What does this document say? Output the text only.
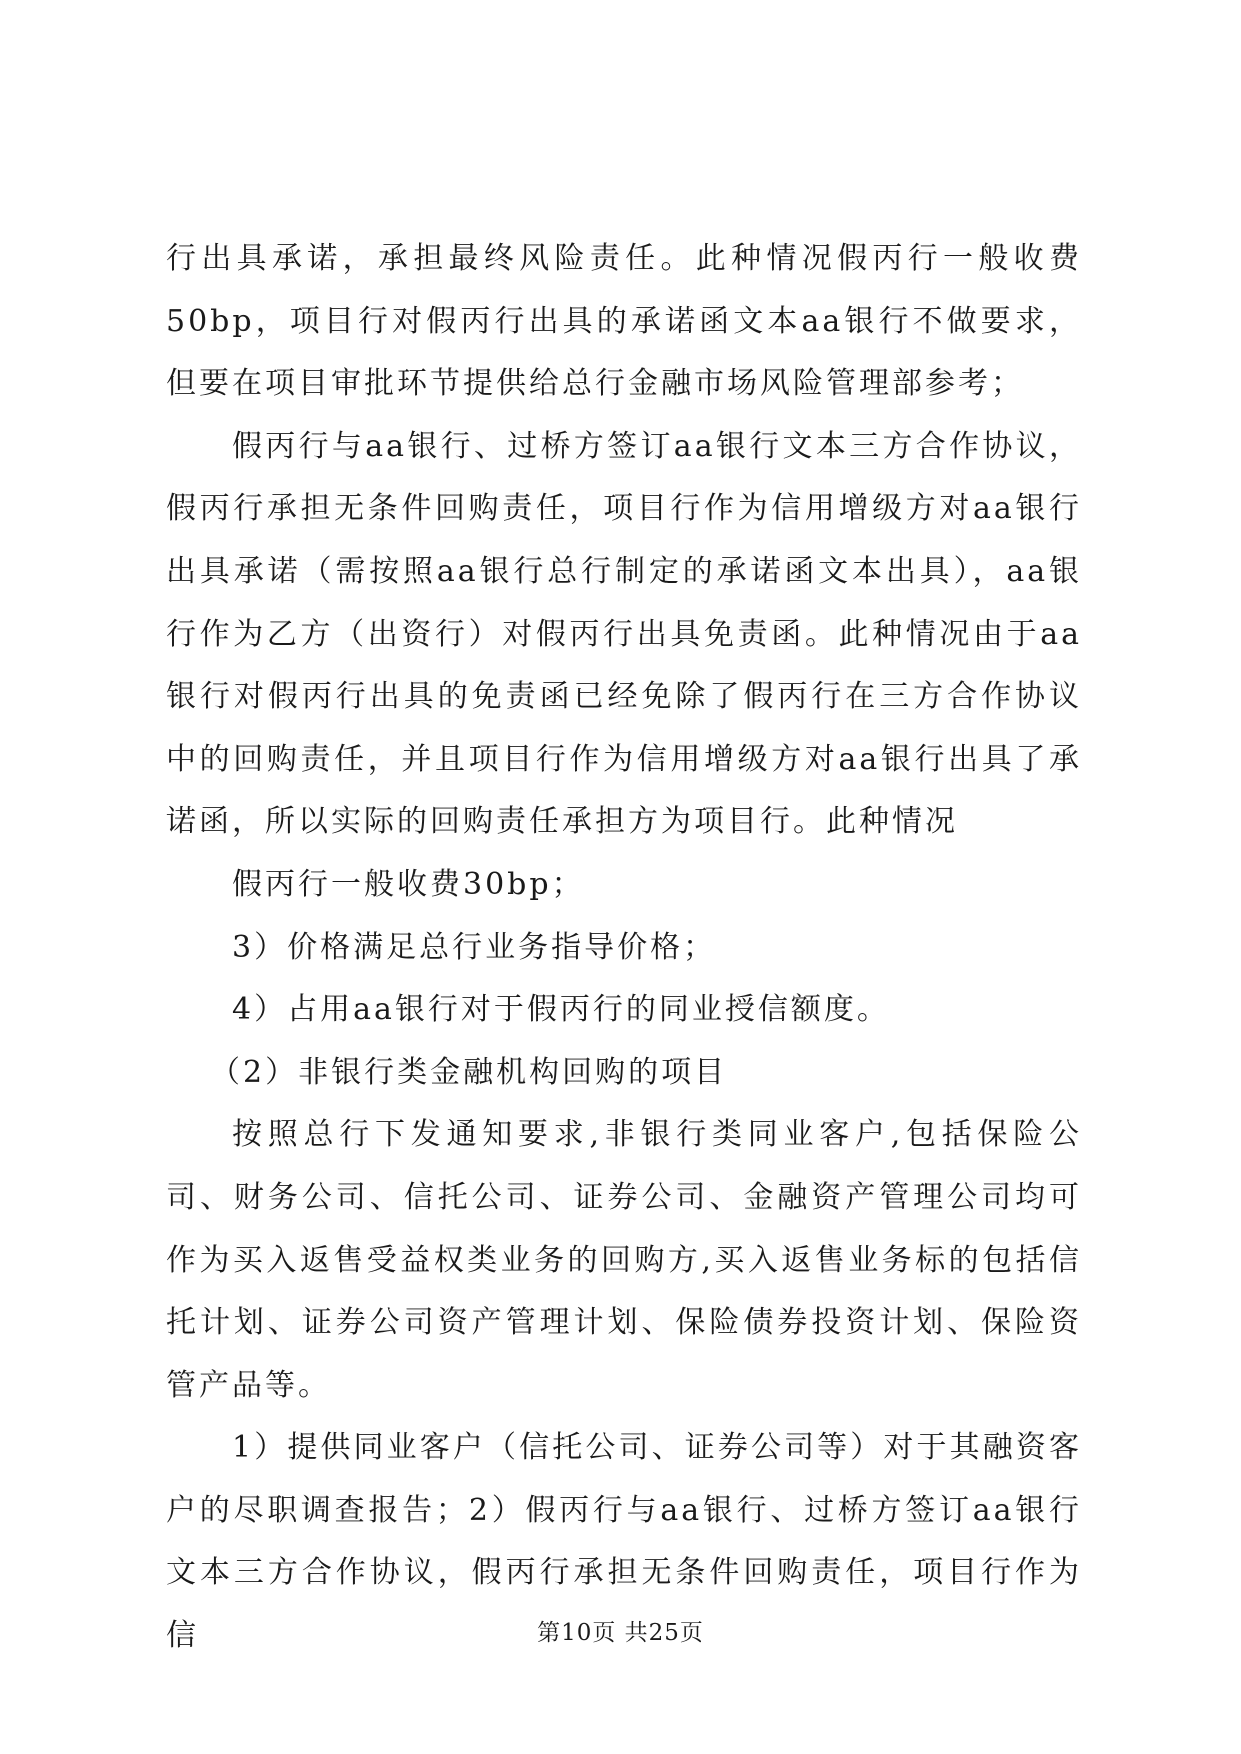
行出具承诺，承担最终风险责任。此种情况假丙行一般收费50bp，项目行对假丙行出具的承诺函文本aa银行不做要求，但要在项目审批环节提供给总行金融市场风险管理部参考；

假丙行与aa银行、过桥方签订aa银行文本三方合作协议，假丙行承担无条件回购责任，项目行作为信用增级方对aa银行出具承诺（需按照aa银行总行制定的承诺函文本出具），aa银行作为乙方（出资行）对假丙行出具免责函。此种情况由于aa银行对假丙行出具的免责函已经免除了假丙行在三方合作协议中的回购责任，并且项目行作为信用增级方对aa银行出具了承诺函，所以实际的回购责任承担方为项目行。此种情况

假丙行一般收费30bp；

3）价格满足总行业务指导价格；

4）占用aa银行对于假丙行的同业授信额度。

（2）非银行类金融机构回购的项目

按照总行下发通知要求,非银行类同业客户,包括保险公司、财务公司、信托公司、证券公司、金融资产管理公司均可作为买入返售受益权类业务的回购方,买入返售业务标的包括信托计划、证券公司资产管理计划、保险债券投资计划、保险资管产品等。

1）提供同业客户（信托公司、证券公司等）对于其融资客户的尽职调查报告；2）假丙行与aa银行、过桥方签订aa银行文本三方合作协议，假丙行承担无条件回购责任，项目行作为信	第10页 共25页
